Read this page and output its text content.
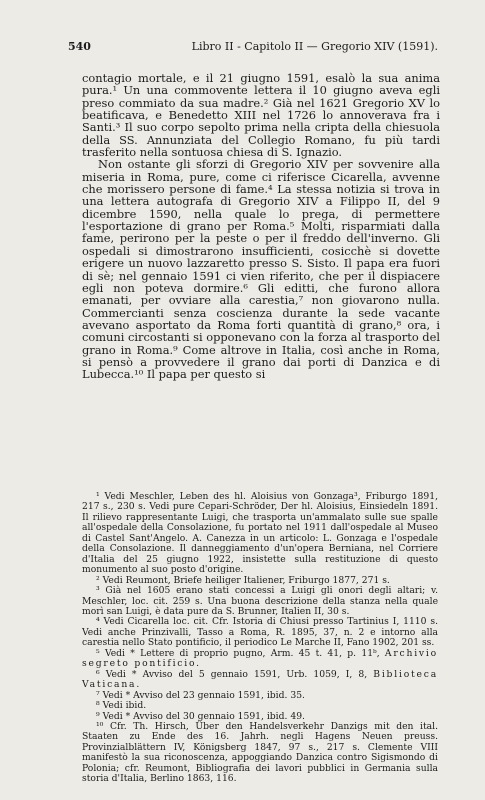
540	Libro II - Capitolo II — Gregorio XIV (1591).

contagio mortale, e il 21 giugno 1591, esalò la sua anima pura.¹ Un una commovente lettera il 10 giugno aveva egli preso commiato da sua madre.² Già nel 1621 Gregorio XV lo beatificava, e Benedetto XIII nel 1726 lo annoverava fra i Santi.³ Il suo corpo sepolto prima nella cripta della chiesuola della SS. Annunziata del Collegio Romano, fu più tardi trasferito nella sontuosa chiesa di S. Ignazio.

Non ostante gli sforzi di Gregorio XIV per sovvenire alla miseria in Roma, pure, come ci riferisce Cicarella, avvenne che morissero persone di fame.⁴ La stessa notizia si trova in una lettera autografa di Gregorio XIV a Filippo II, del 9 dicembre 1590, nella quale lo prega, di permettere l'esportazione di grano per Roma.⁵ Molti, risparmiati dalla fame, perirono per la peste o per il freddo dell'inverno. Gli ospedali si dimostrarono insufficienti, cosicchè si dovette erigere un nuovo lazzaretto presso S. Sisto. Il papa era fuori di sè; nel gennaio 1591 ci vien riferito, che per il dispiacere egli non poteva dormire.⁶ Gli editti, che furono allora emanati, per ovviare alla carestia,⁷ non giovarono nulla. Commercianti senza coscienza durante la sede vacante avevano asportato da Roma forti quantità di grano,⁸ ora, i comuni circostanti si opponevano con la forza al trasporto del grano in Roma.⁹ Come altrove in Italia, così anche in Roma, si pensò a provvedere il grano dai porti di Danzica e di Lubecca.¹⁰ Il papa per questo si

¹ Vedi Meschler, Leben des hl. Aloisius von Gonzaga³, Friburgo 1891, 217 s., 230 s. Vedi pure Cepari-Schröder, Der hl. Aloisius, Einsiedeln 1891. Il rilievo rappresentante Luigi, che trasporta un'ammalato sulle sue spalle all'ospedale della Consolazione, fu portato nel 1911 dall'ospedale al Museo di Castel Sant'Angelo. A. Canezza in un articolo: L. Gonzaga e l'ospedale della Consolazione. Il danneggiamento d'un'opera Berniana, nel Corriere d'Italia del 25 giugno 1922, insistette sulla restituzione di questo monumento al suo posto d'origine.

² Vedi Reumont, Briefe heiliger Italiener, Friburgo 1877, 271 s.

³ Già nel 1605 erano stati concessi a Luigi gli onori degli altari; v. Meschler, loc. cit. 259 s. Una buona descrizione della stanza nella quale morì san Luigi, è data pure da S. Brunner, Italien II, 30 s.

⁴ Vedi Cicarella loc. cit. Cfr. Istoria di Chiusi presso Tartinius I, 1110 s. Vedi anche Prinzivalli, Tasso a Roma, R. 1895, 37, n. 2 e intorno alla carestia nello Stato pontificio, il periodico Le Marche II, Fano 1902, 201 ss.

⁵ Vedi * Lettere di proprio pugno, Arm. 45 t. 41, p. 11ᵇ, Archivio segreto pontificio.

⁶ Vedi * Avviso del 5 gennaio 1591, Urb. 1059, I, 8, Biblioteca Vaticana.

⁷ Vedi * Avviso del 23 gennaio 1591, ibid. 35.

⁸ Vedi ibid.

⁹ Vedi * Avviso del 30 gennaio 1591, ibid. 49.

¹⁰ Cfr. Th. Hirsch, Über den Handelsverkehr Danzigs mit den ital. Staaten zu Ende des 16. Jahrh. negli Hagens Neuen preuss. Provinzialblättern IV, Königsberg 1847, 97 s., 217 s. Clemente VIII manifestò la sua riconoscenza, appoggiando Danzica contro Sigismondo di Polonia; cfr. Reumont, Bibliografia dei lavori pubblici in Germania sulla storia d'Italia, Berlino 1863, 116.
